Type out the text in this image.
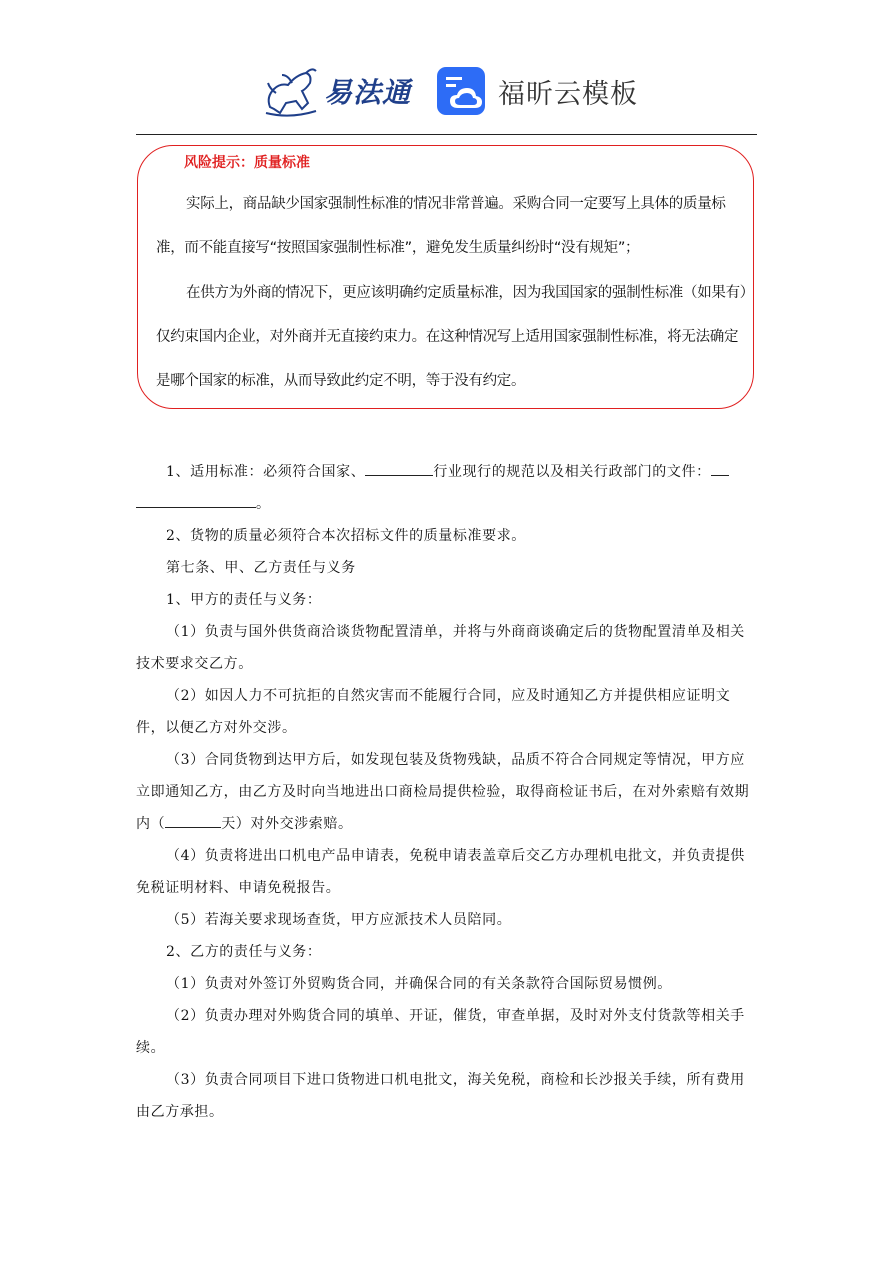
易法通	福昕云模板
风险提示：质量标准
实际上，商品缺少国家强制性标准的情况非常普遍。采购合同一定要写上具体的质量标准，而不能直接写“按照国家强制性标准”，避免发生质量纠纷时“没有规矩”；
在供方为外商的情况下，更应该明确约定质量标准，因为我国国家的强制性标准（如果有）仅约束国内企业，对外商并无直接约束力。在这种情况写上适用国家强制性标准，将无法确定是哪个国家的标准，从而导致此约定不明，等于没有约定。

1、适用标准：必须符合国家、	行业现行的规范以及相关行政部门的文件：
。

2、货物的质量必须符合本次招标文件的质量标准要求。

第七条、甲、乙方责任与义务

1、甲方的责任与义务：

（1）负责与国外供货商洽谈货物配置清单，并将与外商商谈确定后的货物配置清单及相关技术要求交乙方。

（2）如因人力不可抗拒的自然灾害而不能履行合同，应及时通知乙方并提供相应证明文件，以便乙方对外交涉。

（3）合同货物到达甲方后，如发现包装及货物残缺，品质不符合合同规定等情况，甲方应立即通知乙方，由乙方及时向当地进出口商检局提供检验，取得商检证书后，在对外索赔有效期内（	天）对外交涉索赔。

（4）负责将进出口机电产品申请表，免税申请表盖章后交乙方办理机电批文，并负责提供免税证明材料、申请免税报告。

（5）若海关要求现场查货，甲方应派技术人员陪同。

2、乙方的责任与义务：

（1）负责对外签订外贸购货合同，并确保合同的有关条款符合国际贸易惯例。

（2）负责办理对外购货合同的填单、开证，催货，审查单据，及时对外支付货款等相关手续。

（3）负责合同项目下进口货物进口机电批文，海关免税，商检和长沙报关手续，所有费用由乙方承担。
